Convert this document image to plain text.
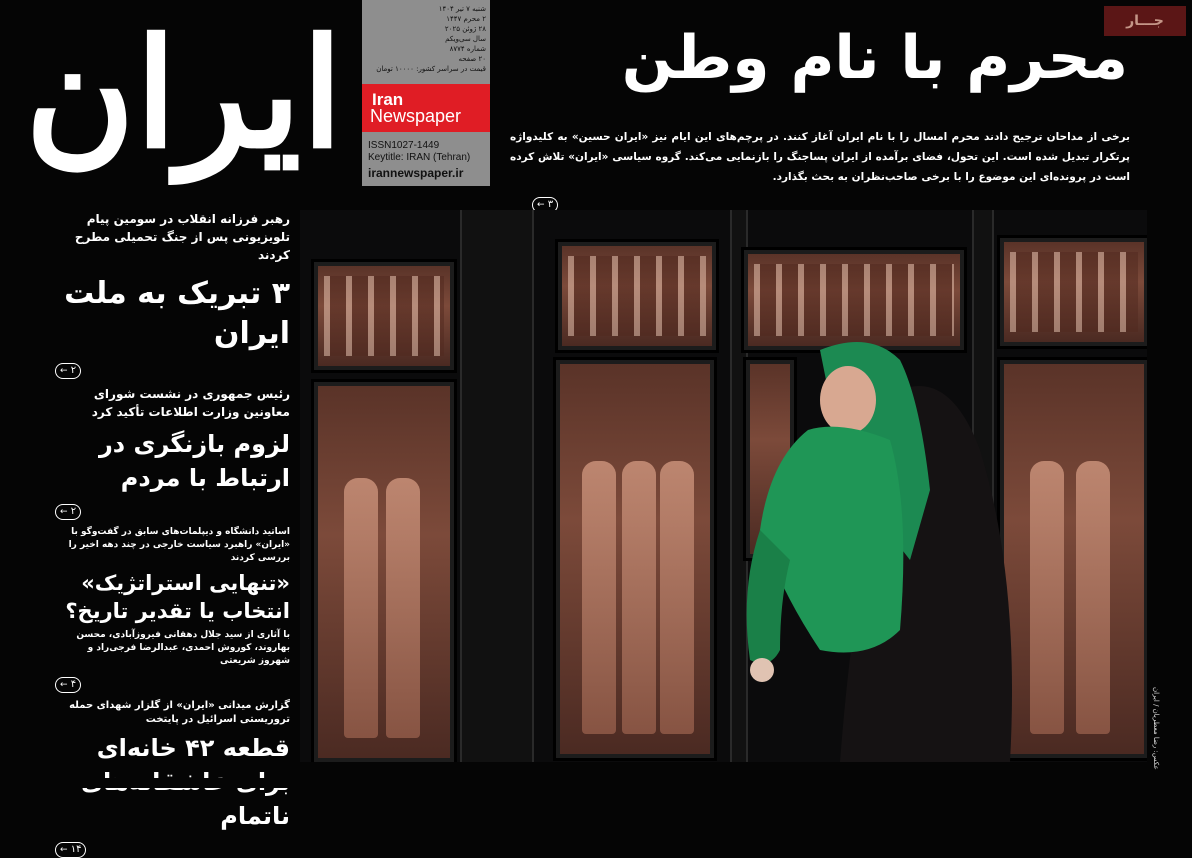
ایران	شنبه ۷ تیر ۱۴۰۴
۲ محرم ۱۴۴۷
۲۸ ژوئن ۲۰۲۵
سال سی‌ویکم
شماره ۸۷۷۴
۲۰ صفحه
قیمت در سراسر کشور: ۱۰۰۰۰ تومان
Iran
Newspaper
ISSN1027-1449
Keytitle: IRAN (Tehran)
irannewspaper.ir
جـــار
محرم با نام وطن
برخی از مداحان ترجیح دادند محرم امسال را با نام ایران آغاز کنند. در پرچم‌های این ایام نیز «ایران حسین» به کلیدواژه پرتکرار تبدیل شده است. این تحول، فضای برآمده از ایران پساجنگ را بازنمایی می‌کند. گروه سیاسی «ایران» تلاش کرده است در پرونده‌ای این موضوع را با برخی صاحب‌نظران به بحث بگذارد.
۳ ←
رهبر فرزانه انقلاب در سومین پیام تلویزیونی پس از جنگ تحمیلی مطرح کردند
۳ تبریک به ملت ایران
۲ ←
رئیس جمهوری در نشست شورای معاونین وزارت اطلاعات تأکید کرد
لزوم بازنگری در ارتباط با مردم
۲ ←
اساتید دانشگاه و دیپلمات‌های سابق در گفت‌وگو با «ایران» راهبرد سیاست خارجی در چند دهه اخیر را بررسی کردند
«تنهایی استراتژیک» انتخاب یا تقدیر تاریخ؟
با آثاری از سید جلال دهقانی فیروزآبادی، محسن بهاروند، کوروش احمدی، عبدالرضا فرجی‌راد و شهروز شریعتی
۴ ←
گزارش میدانی «ایران» از گلزار شهدای حمله تروریستی اسرائیل در پایتخت
قطعه ۴۲ خانه‌ای ناتمام
۱۴ ←
عکس: رضا معطریان / ایران
